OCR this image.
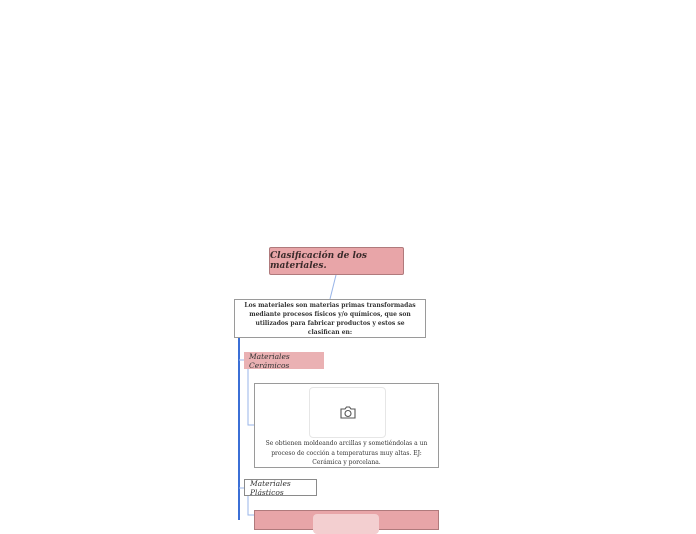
Clasificación de los materiales.
Los materiales son materias primas transformadas mediante procesos físicos y/o químicos, que son utilizados para fabricar productos y estos se clasifican en:
Materiales Cerámicos
Se obtienen moldeando arcillas y sometiéndolas a un proceso de cocción a temperaturas muy altas. EJ: Cerámica y porcelana.
Materiales Plásticos
